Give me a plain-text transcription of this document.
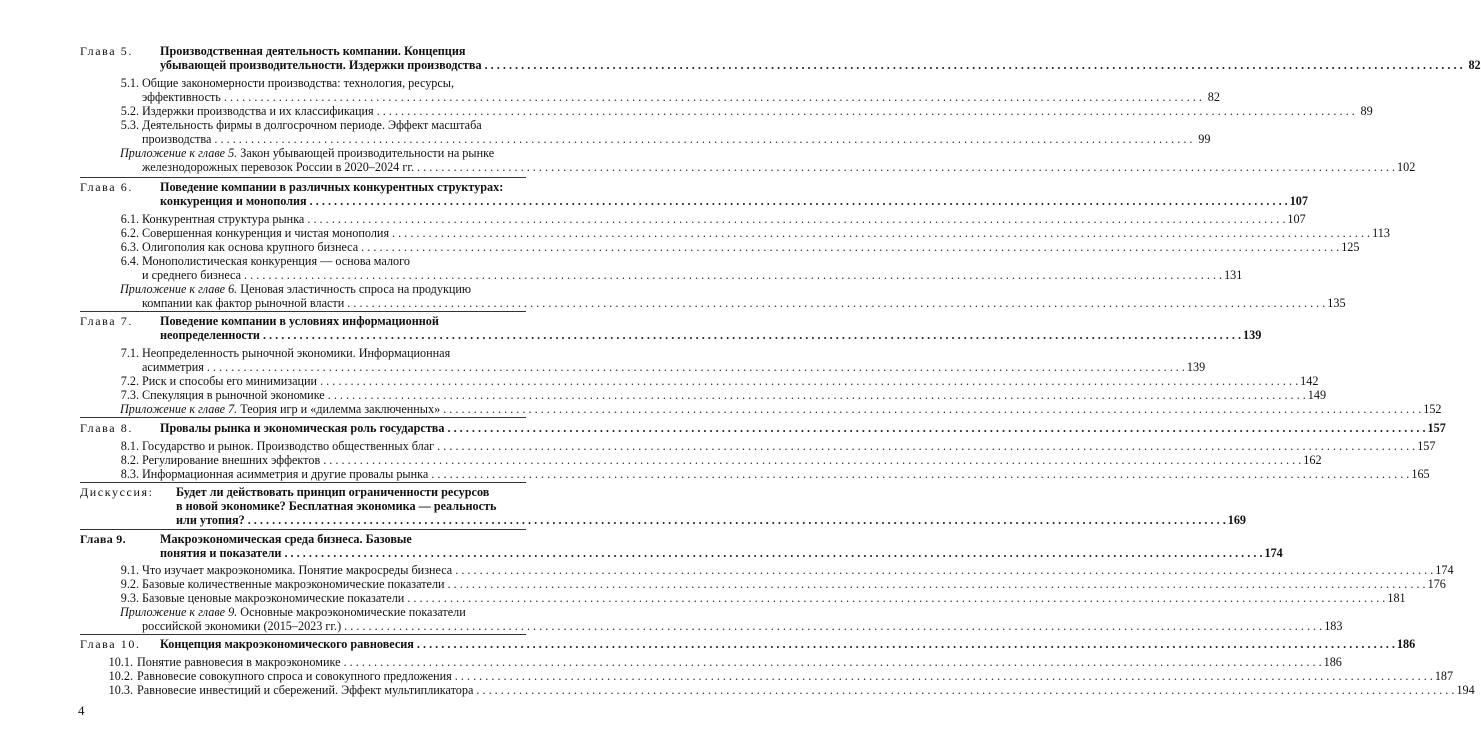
Глава 5. Производственная деятельность компании. Концепция
убывающей производительности. Издержки производства . . .	82
5.1. Общие закономерности производства: технология, ресурсы,
эффективность . . .	82
5.2. Издержки производства и их классификация . . .	89
5.3. Деятельность фирмы в долгосрочном периоде. Эффект масштаба
производства . . .	99
Приложение к главе 5. Закон убывающей производительности на рынке
железнодорожных перевозок России в 2020–2024 гг. . . .	102
Глава 6. Поведение компании в различных конкурентных структурах:
конкуренция и монополия . . .	107
6.1. Конкурентная структура рынка . . .	107
6.2. Совершенная конкуренция и чистая монополия . . .	113
6.3. Олигополия как основа крупного бизнеса . . .	125
6.4. Монополистическая конкуренция — основа малого
и среднего бизнеса . . .	131
Приложение к главе 6. Ценовая эластичность спроса на продукцию
компании как фактор рыночной власти . . .	135
Глава 7. Поведение компании в условиях информационной
неопределенности . . .	139
7.1. Неопределенность рыночной экономики. Информационная
асимметрия . . .	139
7.2. Риск и способы его минимизации . . .	142
7.3. Спекуляция в рыночной экономике . . .	149
Приложение к главе 7. Теория игр и «дилемма заключенных» . . .	152
Глава 8. Провалы рынка и экономическая роль государства . . .	157
8.1. Государство и рынок. Производство общественных благ . . .	157
8.2. Регулирование внешних эффектов . . .	162
8.3. Информационная асимметрия и другие провалы рынка . . .	165
Дискуссия: Будет ли действовать принцип ограниченности ресурсов
в новой экономике? Бесплатная экономика — реальность
или утопия? . . .	169
Глава 9.	Макроэкономическая среда бизнеса. Базовые
понятия и показатели . . .	174
9.1. Что изучает макроэкономика. Понятие макросреды бизнеса . . .	174
9.2. Базовые количественные макроэкономические показатели . . .	176
9.3. Базовые ценовые макроэкономические показатели . . .	181
Приложение к главе 9. Основные макроэкономические показатели
российской экономики (2015–2023 гг.) . . .	183
Глава 10. Концепция макроэкономического равновесия . . .	186
10.1. Понятие равновесия в макроэкономике . . .	186
10.2. Равновесие совокупного спроса и совокупного предложения . . .	187
10.3. Равновесие инвестиций и сбережений. Эффект мультипликатора . . .	194
4
